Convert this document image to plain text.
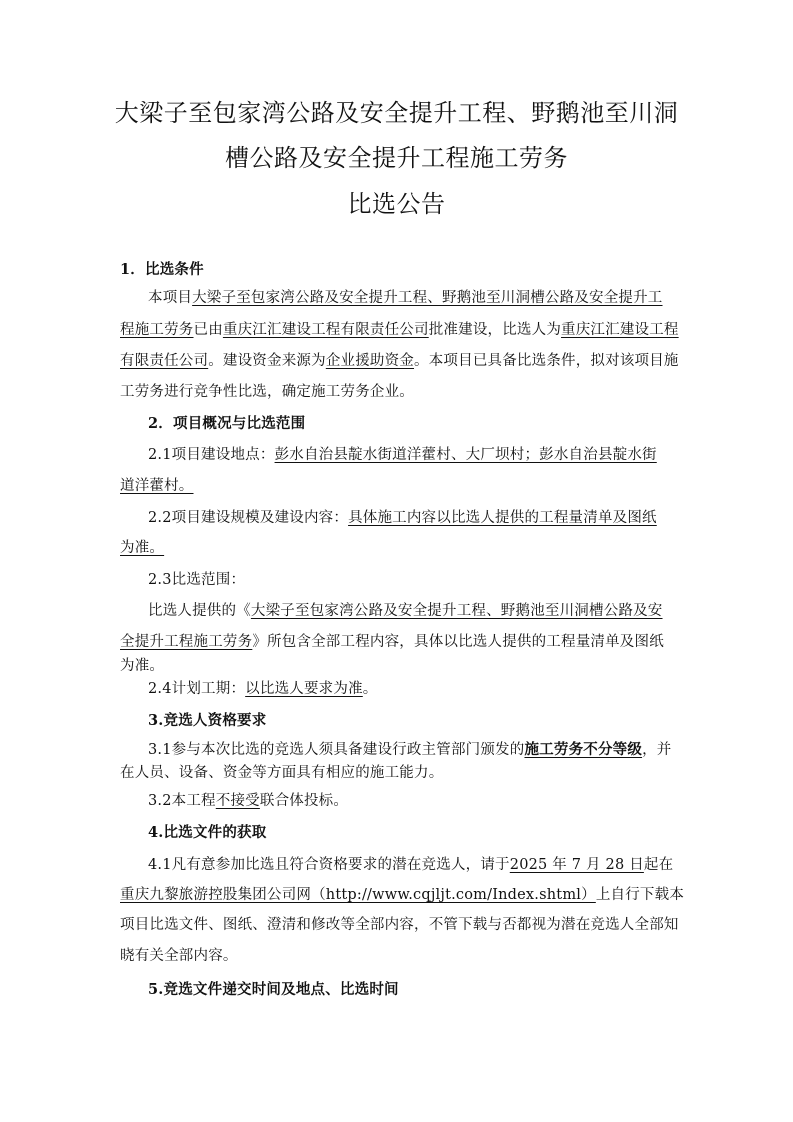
大梁子至包家湾公路及安全提升工程、野鹅池至川洞
槽公路及安全提升工程施工劳务
比选公告
1．比选条件
本项目大梁子至包家湾公路及安全提升工程、野鹅池至川洞槽公路及安全提升工
程施工劳务已由重庆江汇建设工程有限责任公司批准建设，比选人为重庆江汇建设工程
有限责任公司。建设资金来源为企业援助资金。本项目已具备比选条件，拟对该项目施
工劳务进行竞争性比选，确定施工劳务企业。
2．项目概况与比选范围
2.1项目建设地点：彭水自治县靛水街道洋藿村、大厂坝村；彭水自治县靛水街
道洋藿村。
2.2项目建设规模及建设内容：具体施工内容以比选人提供的工程量清单及图纸
为准。
2.3比选范围：
比选人提供的《大梁子至包家湾公路及安全提升工程、野鹅池至川洞槽公路及安
全提升工程施工劳务》所包含全部工程内容，具体以比选人提供的工程量清单及图纸
为准。
2.4计划工期：以比选人要求为准。
3.竞选人资格要求
3.1参与本次比选的竞选人须具备建设行政主管部门颁发的施工劳务不分等级，并
在人员、设备、资金等方面具有相应的施工能力。
3.2本工程不接受联合体投标。
4.比选文件的获取
4.1凡有意参加比选且符合资格要求的潜在竞选人，请于2025 年 7 月 28 日起在
重庆九黎旅游控股集团公司网（http://www.cqjljt.com/Index.shtml）上自行下载本
项目比选文件、图纸、澄清和修改等全部内容，不管下载与否都视为潜在竞选人全部知
晓有关全部内容。
5.竞选文件递交时间及地点、比选时间
